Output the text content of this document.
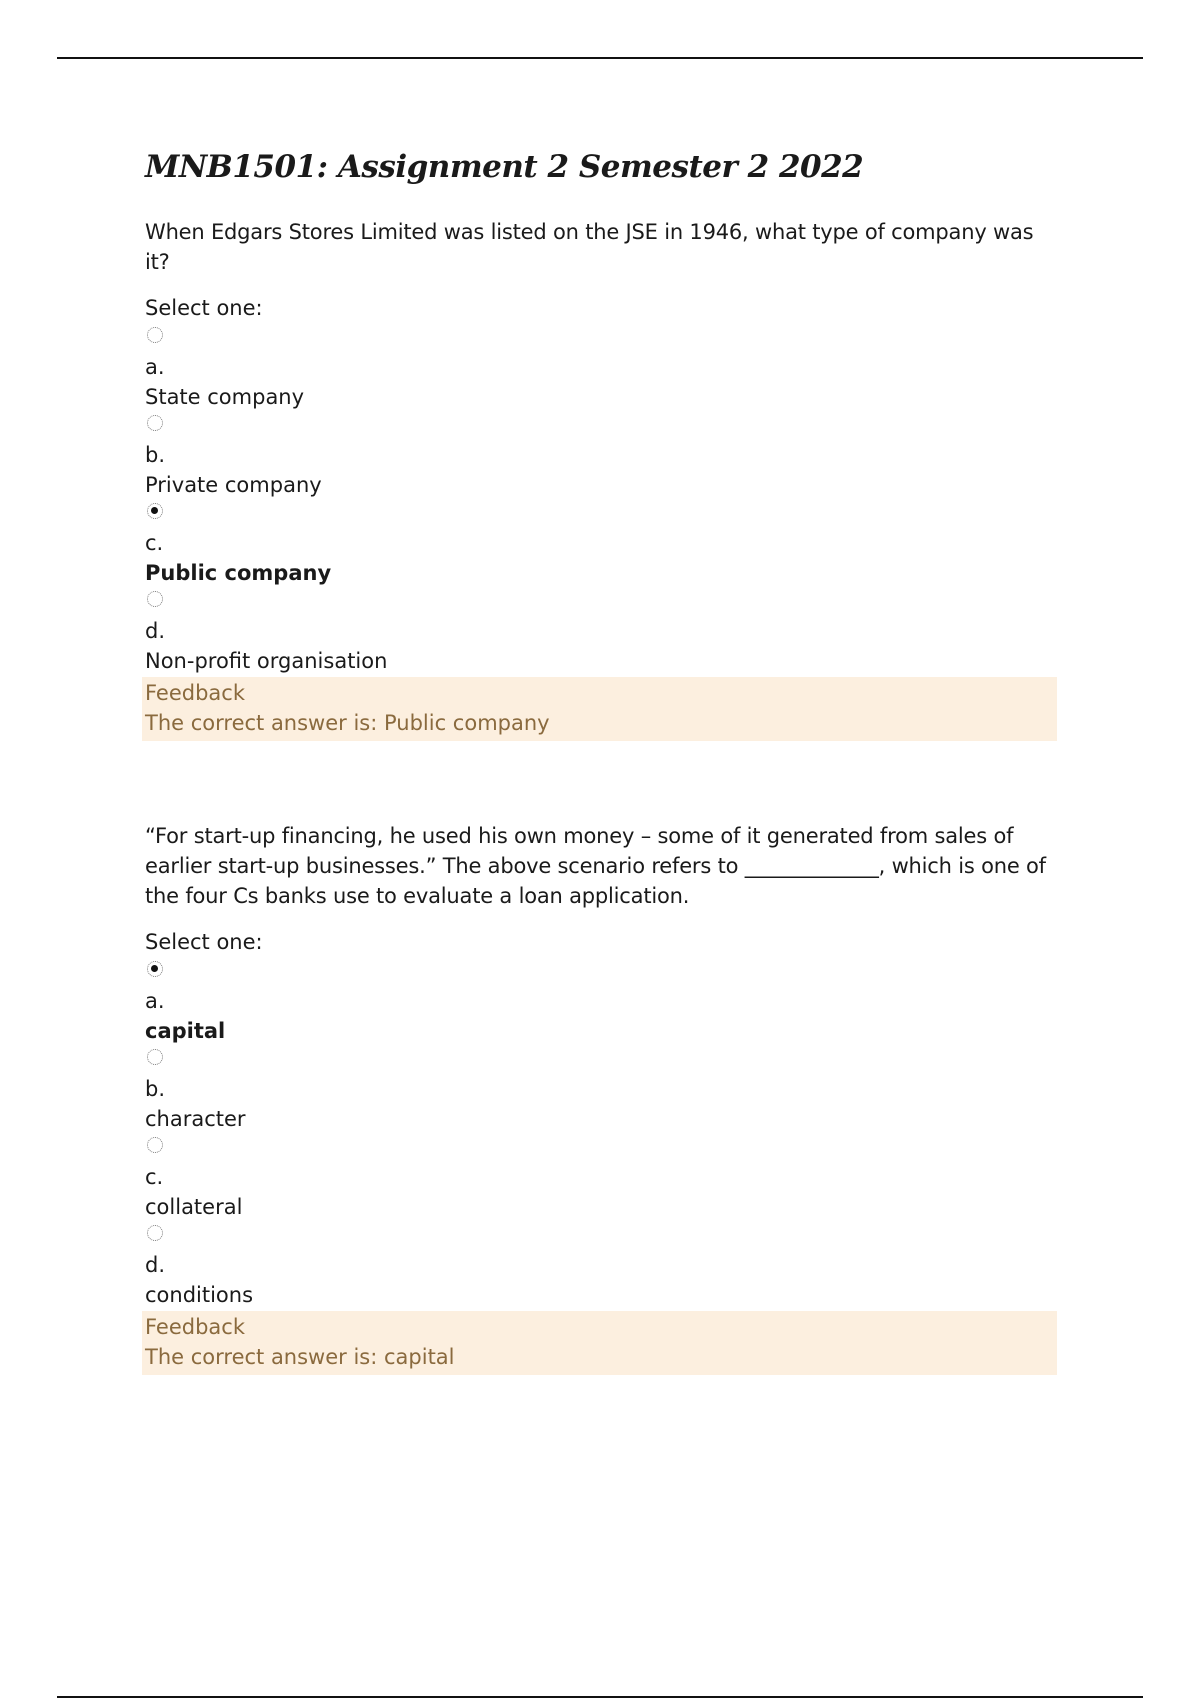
MNB1501: Assignment 2 Semester 2 2022

When Edgars Stores Limited was listed on the JSE in 1946, what type of company was it?

Select one:
a.
State company
b.
Private company
c.
Public company
d.
Non-profit organisation
Feedback
The correct answer is: Public company

“For start-up financing, he used his own money – some of it generated from sales of earlier start-up businesses.” The above scenario refers to _____________, which is one of the four Cs banks use to evaluate a loan application.

Select one:
a.
capital
b.
character
c.
collateral
d.
conditions
Feedback
The correct answer is: capital
